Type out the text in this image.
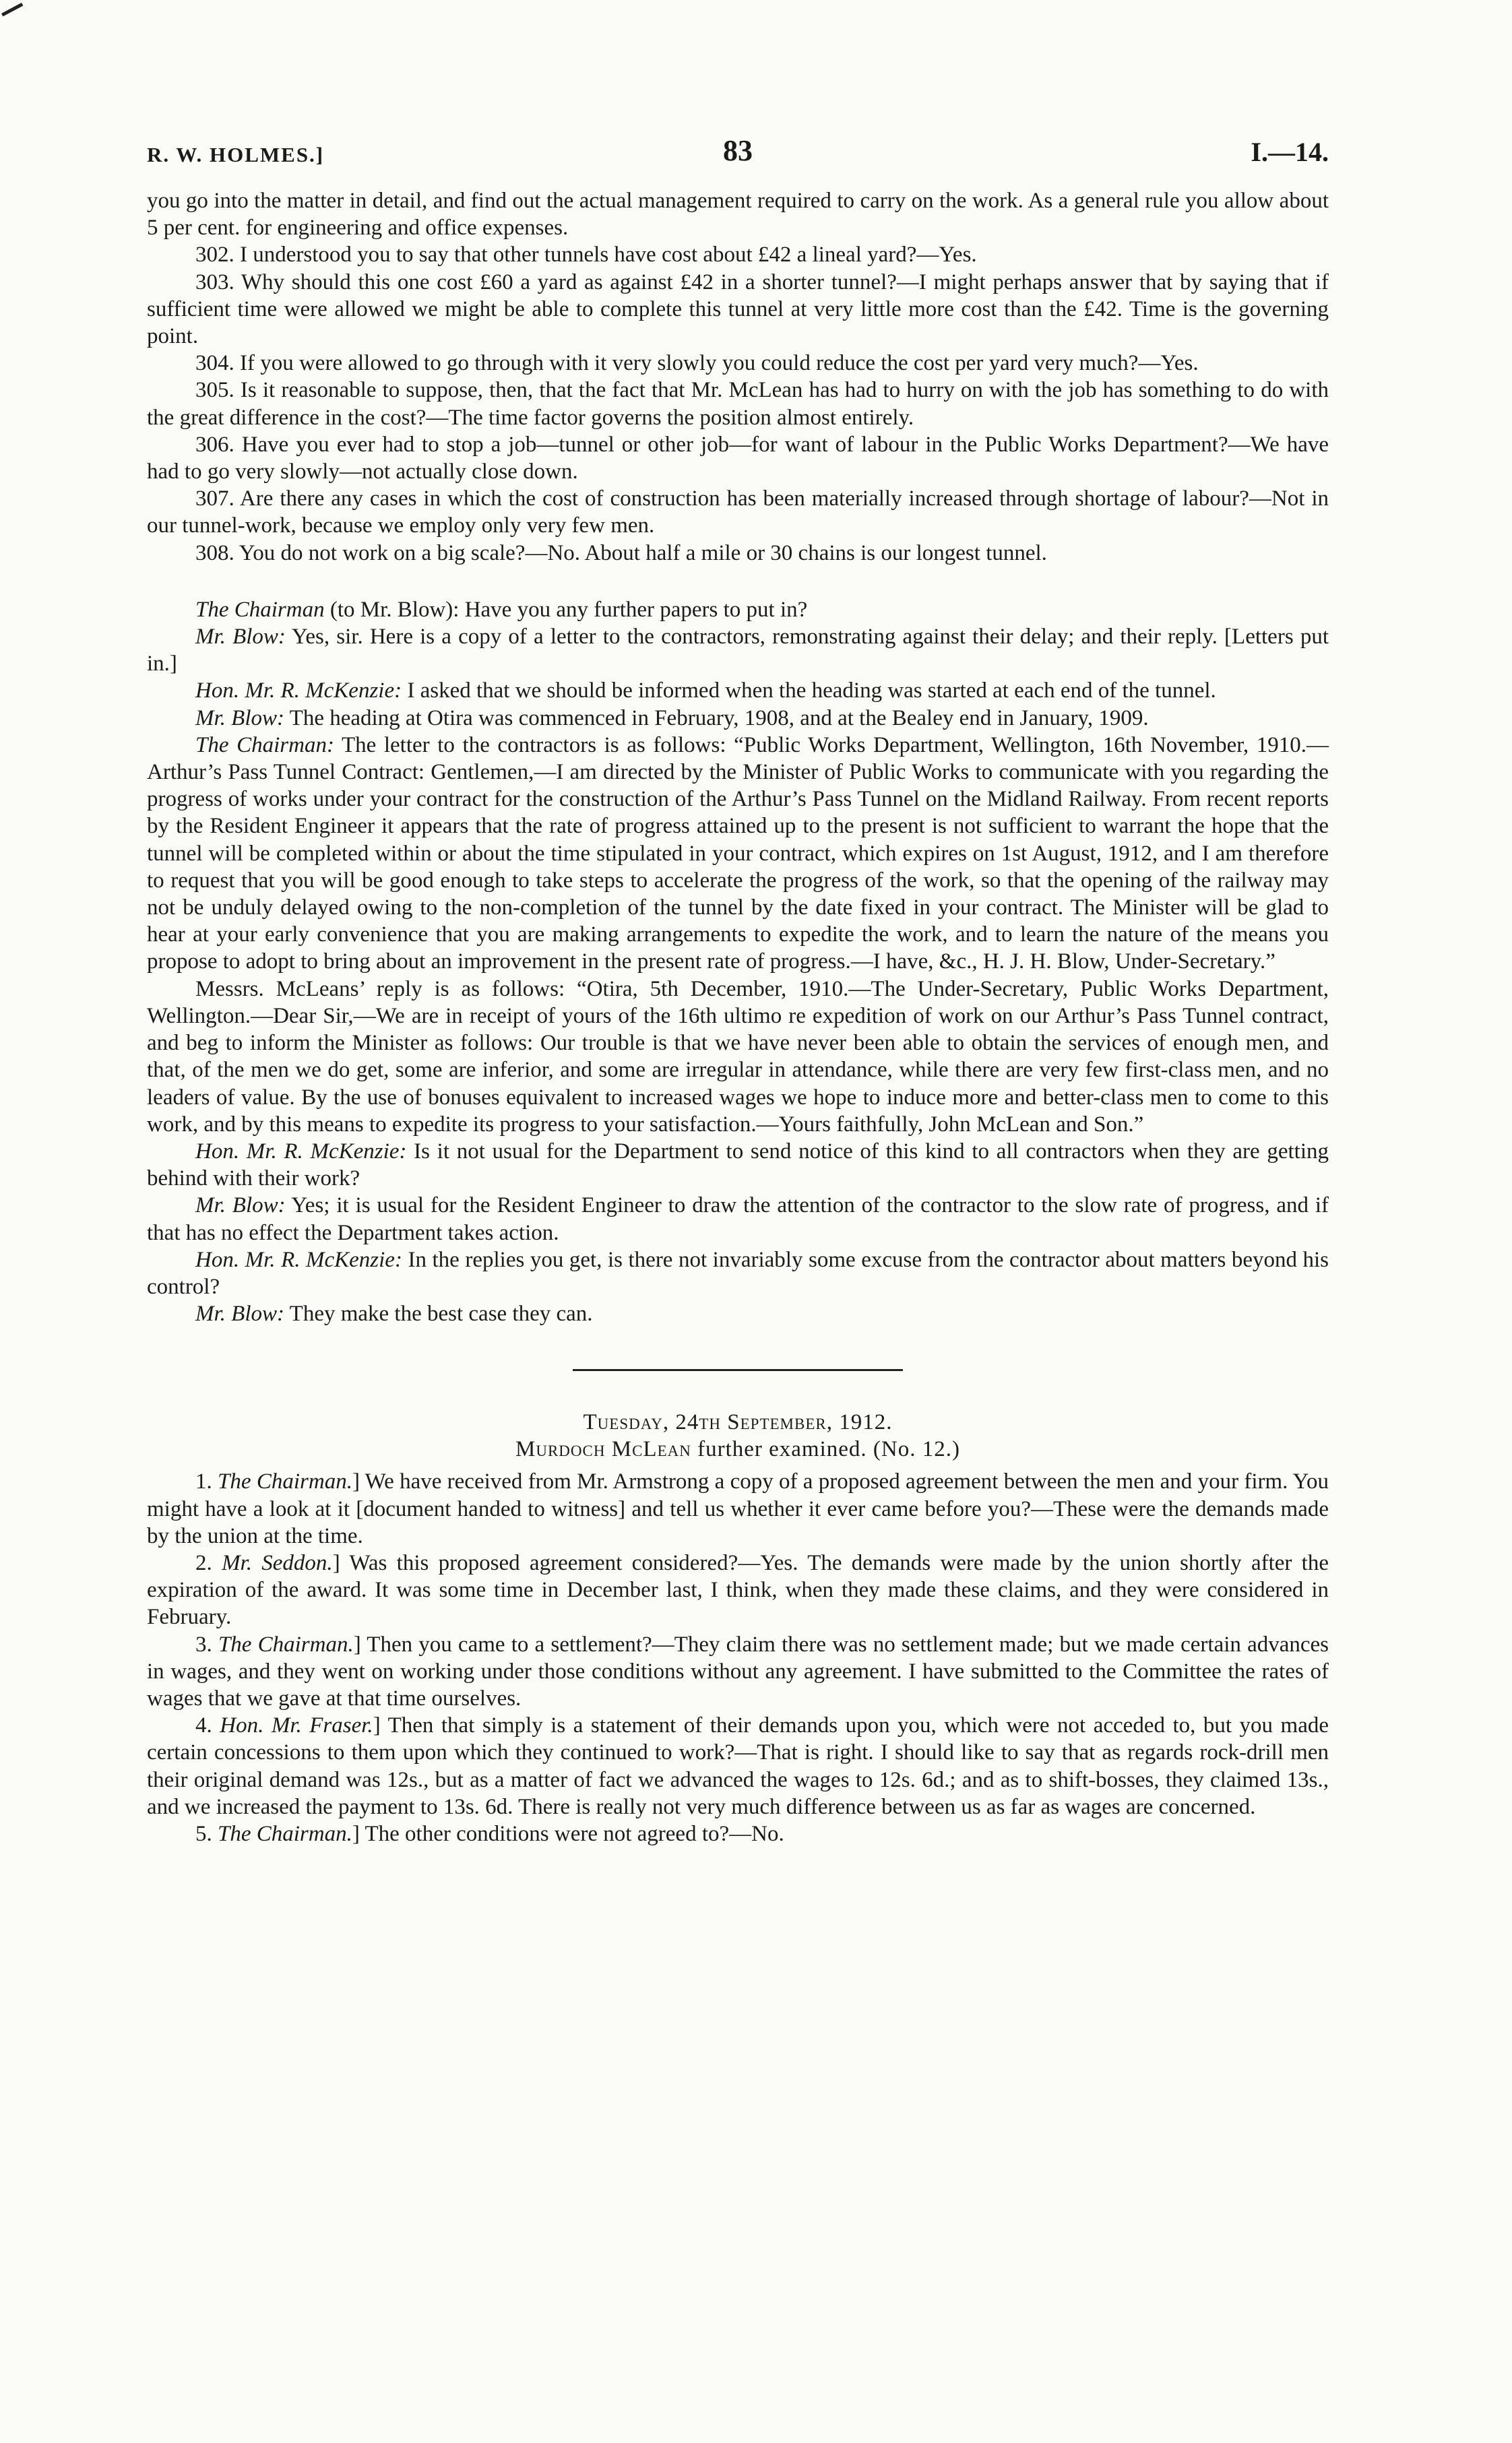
R. W. HOLMES.]	83	I.—14.

you go into the matter in detail, and find out the actual management required to carry on the work. As a general rule you allow about 5 per cent. for engineering and office expenses.

302. I understood you to say that other tunnels have cost about £42 a lineal yard?—Yes.

303. Why should this one cost £60 a yard as against £42 in a shorter tunnel?—I might perhaps answer that by saying that if sufficient time were allowed we might be able to complete this tunnel at very little more cost than the £42. Time is the governing point.

304. If you were allowed to go through with it very slowly you could reduce the cost per yard very much?—Yes.

305. Is it reasonable to suppose, then, that the fact that Mr. McLean has had to hurry on with the job has something to do with the great difference in the cost?—The time factor governs the position almost entirely.

306. Have you ever had to stop a job—tunnel or other job—for want of labour in the Public Works Department?—We have had to go very slowly—not actually close down.

307. Are there any cases in which the cost of construction has been materially increased through shortage of labour?—Not in our tunnel-work, because we employ only very few men.

308. You do not work on a big scale?—No. About half a mile or 30 chains is our longest tunnel.

The Chairman (to Mr. Blow): Have you any further papers to put in?

Mr. Blow: Yes, sir. Here is a copy of a letter to the contractors, remonstrating against their delay; and their reply. [Letters put in.]

Hon. Mr. R. McKenzie: I asked that we should be informed when the heading was started at each end of the tunnel.

Mr. Blow: The heading at Otira was commenced in February, 1908, and at the Bealey end in January, 1909.

The Chairman: The letter to the contractors is as follows: “Public Works Department, Wellington, 16th November, 1910.—Arthur’s Pass Tunnel Contract: Gentlemen,—I am directed by the Minister of Public Works to communicate with you regarding the progress of works under your contract for the construction of the Arthur’s Pass Tunnel on the Midland Railway. From recent reports by the Resident Engineer it appears that the rate of progress attained up to the present is not sufficient to warrant the hope that the tunnel will be completed within or about the time stipulated in your contract, which expires on 1st August, 1912, and I am therefore to request that you will be good enough to take steps to accelerate the progress of the work, so that the opening of the railway may not be unduly delayed owing to the non-completion of the tunnel by the date fixed in your contract. The Minister will be glad to hear at your early convenience that you are making arrangements to expedite the work, and to learn the nature of the means you propose to adopt to bring about an improvement in the present rate of progress.—I have, &c., H. J. H. Blow, Under-Secretary.”

Messrs. McLeans’ reply is as follows: “Otira, 5th December, 1910.—The Under-Secretary, Public Works Department, Wellington.—Dear Sir,—We are in receipt of yours of the 16th ultimo re expedition of work on our Arthur’s Pass Tunnel contract, and beg to inform the Minister as follows: Our trouble is that we have never been able to obtain the services of enough men, and that, of the men we do get, some are inferior, and some are irregular in attendance, while there are very few first-class men, and no leaders of value. By the use of bonuses equivalent to increased wages we hope to induce more and better-class men to come to this work, and by this means to expedite its progress to your satisfaction.—Yours faithfully, John McLean and Son.”

Hon. Mr. R. McKenzie: Is it not usual for the Department to send notice of this kind to all contractors when they are getting behind with their work?

Mr. Blow: Yes; it is usual for the Resident Engineer to draw the attention of the contractor to the slow rate of progress, and if that has no effect the Department takes action.

Hon. Mr. R. McKenzie: In the replies you get, is there not invariably some excuse from the contractor about matters beyond his control?

Mr. Blow: They make the best case they can.

Tuesday, 24th September, 1912.

Murdoch McLean further examined. (No. 12.)

1. The Chairman.] We have received from Mr. Armstrong a copy of a proposed agreement between the men and your firm. You might have a look at it [document handed to witness] and tell us whether it ever came before you?—These were the demands made by the union at the time.

2. Mr. Seddon.] Was this proposed agreement considered?—Yes. The demands were made by the union shortly after the expiration of the award. It was some time in December last, I think, when they made these claims, and they were considered in February.

3. The Chairman.] Then you came to a settlement?—They claim there was no settlement made; but we made certain advances in wages, and they went on working under those conditions without any agreement. I have submitted to the Committee the rates of wages that we gave at that time ourselves.

4. Hon. Mr. Fraser.] Then that simply is a statement of their demands upon you, which were not acceded to, but you made certain concessions to them upon which they continued to work?—That is right. I should like to say that as regards rock-drill men their original demand was 12s., but as a matter of fact we advanced the wages to 12s. 6d.; and as to shift-bosses, they claimed 13s., and we increased the payment to 13s. 6d. There is really not very much difference between us as far as wages are concerned.

5. The Chairman.] The other conditions were not agreed to?—No.
